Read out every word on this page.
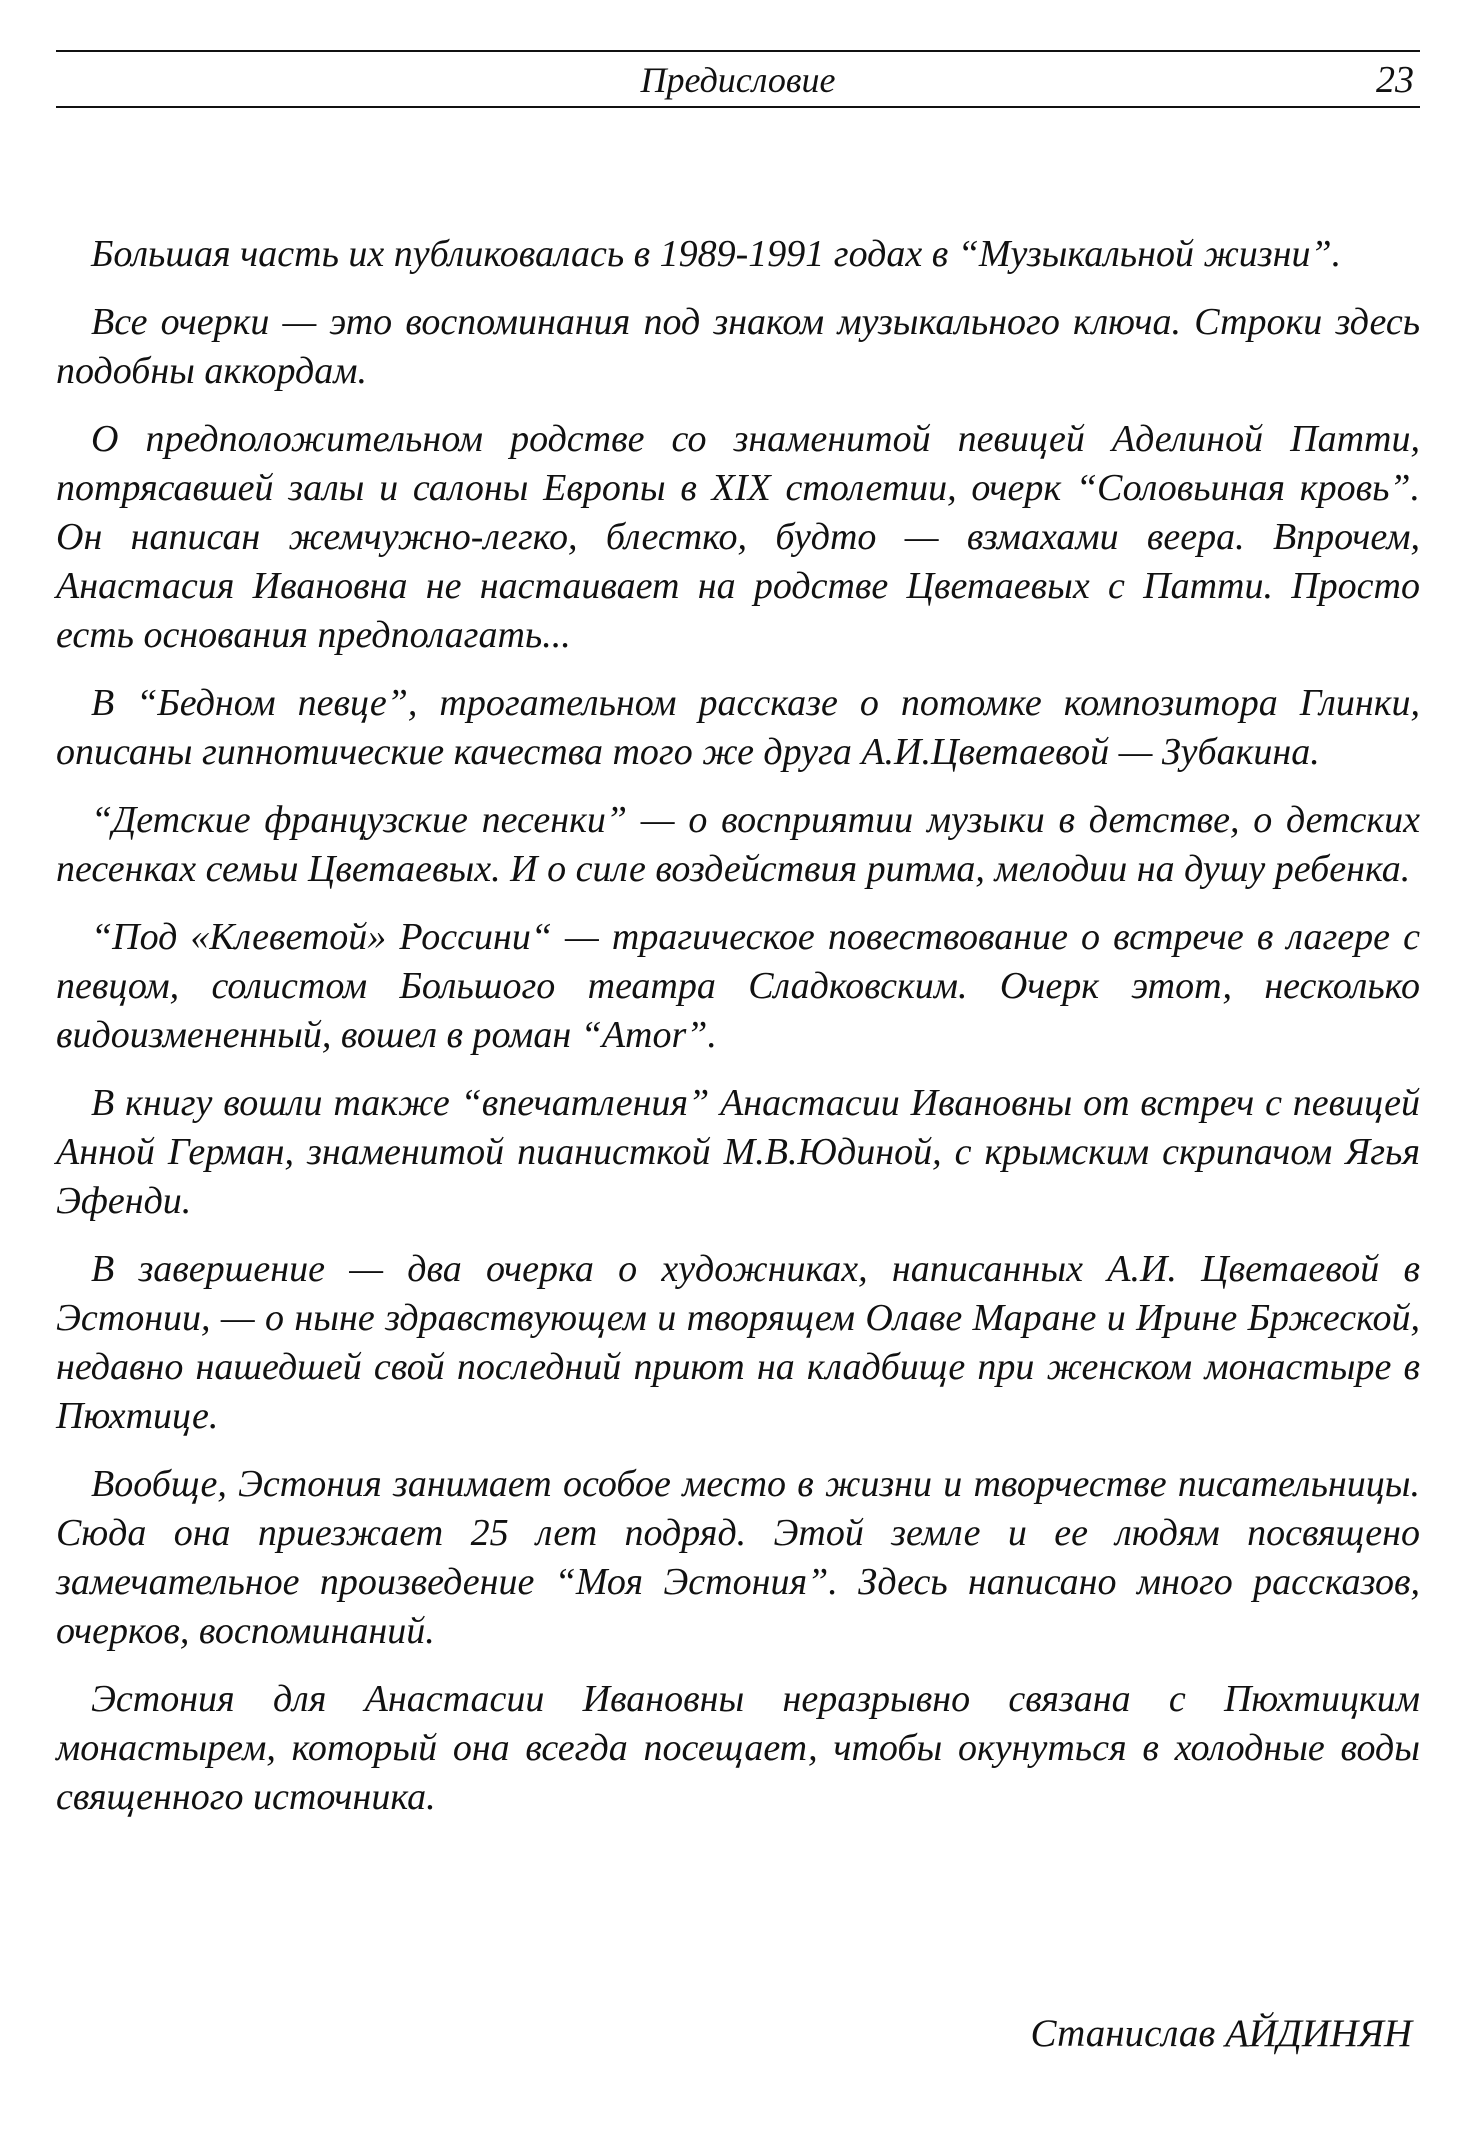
Предисловие	23

Большая часть их публиковалась в 1989-1991 годах в “Музыкальной жизни”.

Все очерки — это воспоминания под знаком музыкального ключа. Строки здесь подобны аккордам.

О предположительном родстве со знаменитой певицей Аделиной Патти, потрясавшей залы и салоны Европы в XIX столетии, очерк “Соловьиная кровь”. Он написан жемчужно-легко, блестко, будто — взмахами веера. Впрочем, Анастасия Ивановна не настаивает на родстве Цветаевых с Патти. Просто есть основания предполагать...

В “Бедном певце”, трогательном рассказе о потомке композитора Глинки, описаны гипнотические качества того же друга А.И.Цветаевой — Зубакина.

“Детские французские песенки” — о восприятии музыки в детстве, о детских песенках семьи Цветаевых. И о силе воздействия ритма, мелодии на душу ребенка.

“Под «Клеветой» Россини“ — трагическое повествование о встрече в лагере с певцом, солистом Большого театра Сладковским. Очерк этот, несколько видоизмененный, вошел в роман “Amor”.

В книгу вошли также “впечатления” Анастасии Ивановны от встреч с певицей Анной Герман, знаменитой пианисткой М.В.Юдиной, с крымским скрипачом Ягья Эфенди.

В завершение — два очерка о художниках, написанных А.И. Цветаевой в Эстонии, — о ныне здравствующем и творящем Олаве Маране и Ирине Бржеской, недавно нашедшей свой последний приют на кладбище при женском монастыре в Пюхтице.

Вообще, Эстония занимает особое место в жизни и творчестве писательницы. Сюда она приезжает 25 лет подряд. Этой земле и ее людям посвящено замечательное произведение “Моя Эстония”. Здесь написано много рассказов, очерков, воспоминаний.

Эстония для Анастасии Ивановны неразрывно связана с Пюхтицким монастырем, который она всегда посещает, чтобы окунуться в холодные воды священного источника.

Станислав АЙДИНЯН
